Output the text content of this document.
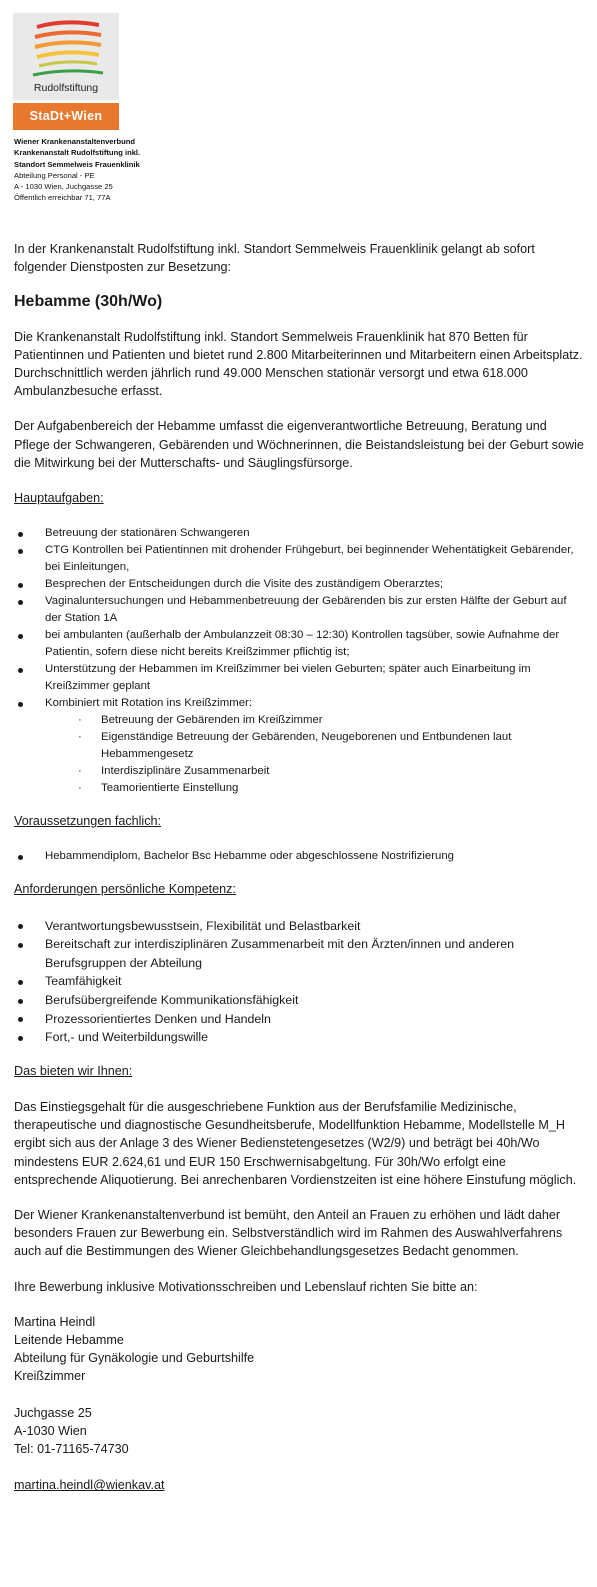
Rudolfstiftung
StaDt+Wien
Wiener Krankenanstaltenverbund
Krankenanstalt Rudolfstiftung inkl.
Standort Semmelweis Frauenklinik
Abteilung Personal - PE
A - 1030 Wien, Juchgasse 25
Öffentlich erreichbar 71, 77A

In der Krankenanstalt Rudolfstiftung inkl. Standort Semmelweis Frauenklinik gelangt ab sofort folgender Dienstposten zur Besetzung:

Hebamme (30h/Wo)

Die Krankenanstalt Rudolfstiftung inkl. Standort Semmelweis Frauenklinik hat 870 Betten für Patientinnen und Patienten und bietet rund 2.800 Mitarbeiterinnen und Mitarbeitern einen Arbeitsplatz. Durchschnittlich werden jährlich rund 49.000 Menschen stationär versorgt und etwa 618.000 Ambulanzbesuche erfasst.

Der Aufgabenbereich der Hebamme umfasst die eigenverantwortliche Betreuung, Beratung und Pflege der Schwangeren, Gebärenden und Wöchnerinnen, die Beistandsleistung bei der Geburt sowie die Mitwirkung bei der Mutterschafts- und Säuglingsfürsorge.

Hauptaufgaben:

Betreuung der stationären Schwangeren
CTG Kontrollen bei Patientinnen mit drohender Frühgeburt, bei beginnender Wehentätigkeit Gebärender, bei Einleitungen,
Besprechen der Entscheidungen durch die Visite des zuständigem Oberarztes;
Vaginaluntersuchungen und Hebammenbetreuung der Gebärenden bis zur ersten Hälfte der Geburt auf der Station 1A
bei ambulanten (außerhalb der Ambulanzzeit 08:30 – 12:30) Kontrollen tagsüber, sowie Aufnahme der Patientin, sofern diese nicht bereits Kreißzimmer pflichtig ist;
Unterstützung der Hebammen im Kreißzimmer bei vielen Geburten; später auch Einarbeitung im Kreißzimmer geplant
Kombiniert mit Rotation ins Kreißzimmer:
· Betreuung der Gebärenden im Kreißzimmer
· Eigenständige Betreuung der Gebärenden, Neugeborenen und Entbundenen laut Hebammengesetz
· Interdisziplinäre Zusammenarbeit
· Teamorientierte Einstellung

Voraussetzungen fachlich:

Hebammendiplom, Bachelor Bsc Hebamme oder abgeschlossene Nostrifizierung

Anforderungen persönliche Kompetenz:

Verantwortungsbewusstsein, Flexibilität und Belastbarkeit
Bereitschaft zur interdisziplinären Zusammenarbeit mit den Ärzten/innen und anderen Berufsgruppen der Abteilung
Teamfähigkeit
Berufsübergreifende Kommunikationsfähigkeit
Prozessorientiertes Denken und Handeln
Fort,- und Weiterbildungswille

Das bieten wir Ihnen:

Das Einstiegsgehalt für die ausgeschriebene Funktion aus der Berufsfamilie Medizinische, therapeutische und diagnostische Gesundheitsberufe, Modellfunktion Hebamme, Modellstelle M_H ergibt sich aus der Anlage 3 des Wiener Bedienstetengesetzes (W2/9) und beträgt bei 40h/Wo mindestens EUR 2.624,61 und EUR 150 Erschwernisabgeltung. Für 30h/Wo erfolgt eine entsprechende Aliquotierung. Bei anrechenbaren Vordienstzeiten ist eine höhere Einstufung möglich.

Der Wiener Krankenanstaltenverbund ist bemüht, den Anteil an Frauen zu erhöhen und lädt daher besonders Frauen zur Bewerbung ein. Selbstverständlich wird im Rahmen des Auswahlverfahrens auch auf die Bestimmungen des Wiener Gleichbehandlungsgesetzes Bedacht genommen.

Ihre Bewerbung inklusive Motivationsschreiben und Lebenslauf richten Sie bitte an:

Martina Heindl
Leitende Hebamme
Abteilung für Gynäkologie und Geburtshilfe
Kreißzimmer
Juchgasse 25
A-1030 Wien
Tel: 01-71165-74730
martina.heindl@wienkav.at
